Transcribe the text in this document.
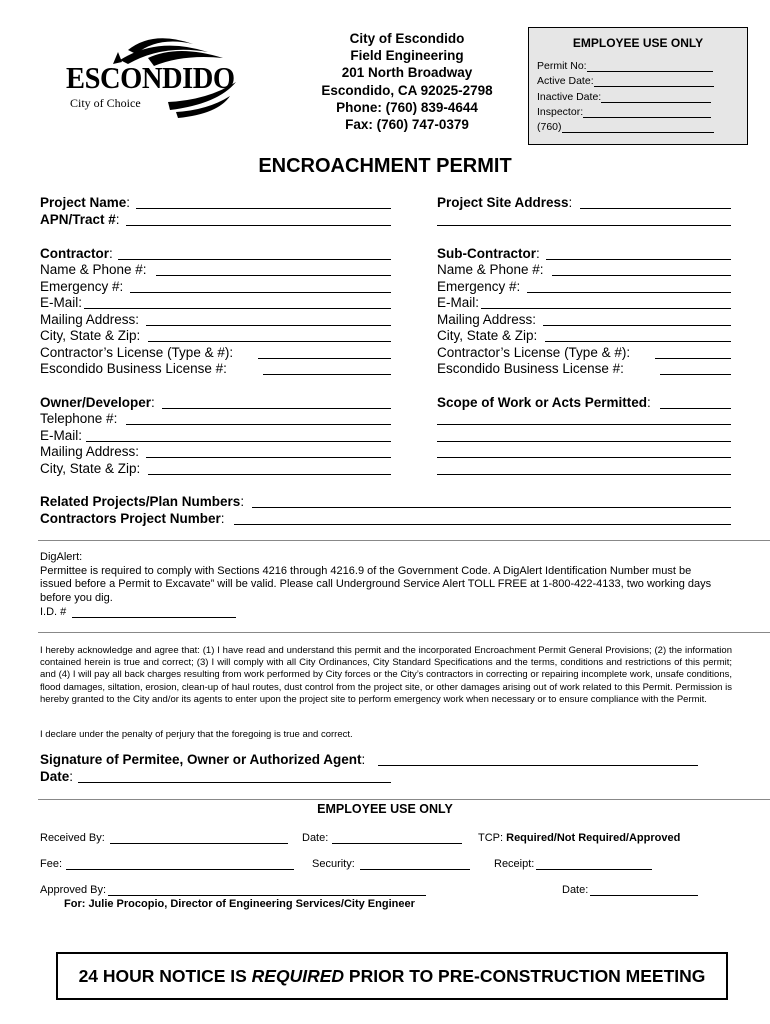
ESCONDIDO
City of Choice
City of Escondido
Field Engineering
201 North Broadway
Escondido, CA 92025-2798
Phone: (760) 839-4644
Fax: (760) 747-0379
EMPLOYEE USE ONLY
Permit No:
Active Date:
Inactive Date:
Inspector:
(760)
ENCROACHMENT PERMIT
Project Name:
APN/Tract #:
Project Site Address:
Contractor:
Name & Phone #:
Emergency #:
E-Mail:
Mailing Address:
City, State & Zip:
Contractor’s License (Type & #):
Escondido Business License #:
Sub-Contractor:
Name & Phone #:
Emergency #:
E-Mail:
Mailing Address:
City, State & Zip:
Contractor’s License (Type & #):
Escondido Business License #:
Owner/Developer:
Telephone #:
E-Mail:
Mailing Address:
City, State & Zip:
Scope of Work or Acts Permitted:
Related Projects/Plan Numbers:
Contractors Project Number:
DigAlert:
Permittee is required to comply with Sections 4216 through 4216.9 of the Government Code. A DigAlert Identification Number must be issued before a Permit to Excavate” will be valid. Please call Underground Service Alert TOLL FREE at 1-800-422-4133, two working days before you dig.
I.D. #
I hereby acknowledge and agree that: (1) I have read and understand this permit and the incorporated Encroachment Permit General Provisions; (2) the information contained herein is true and correct; (3) I will comply with all City Ordinances, City Standard Specifications and the terms, conditions and restrictions of this permit; and (4) I will pay all back charges resulting from work performed by City forces or the City’s contractors in correcting or repairing incomplete work, unsafe conditions, flood damages, siltation, erosion, clean-up of haul routes, dust control from the project site, or other damages arising out of work related to this Permit. Permission is hereby granted to the City and/or its agents to enter upon the project site to perform emergency work when necessary or to ensure compliance with the Permit.
I declare under the penalty of perjury that the foregoing is true and correct.
Signature of Permitee, Owner or Authorized Agent:
Date:
EMPLOYEE USE ONLY
Received By:	Date:	TCP: Required/Not Required/Approved
Fee:	Security:	Receipt:
Approved By:	Date:
For: Julie Procopio, Director of Engineering Services/City Engineer
24 HOUR NOTICE IS REQUIRED PRIOR TO PRE-CONSTRUCTION MEETING
